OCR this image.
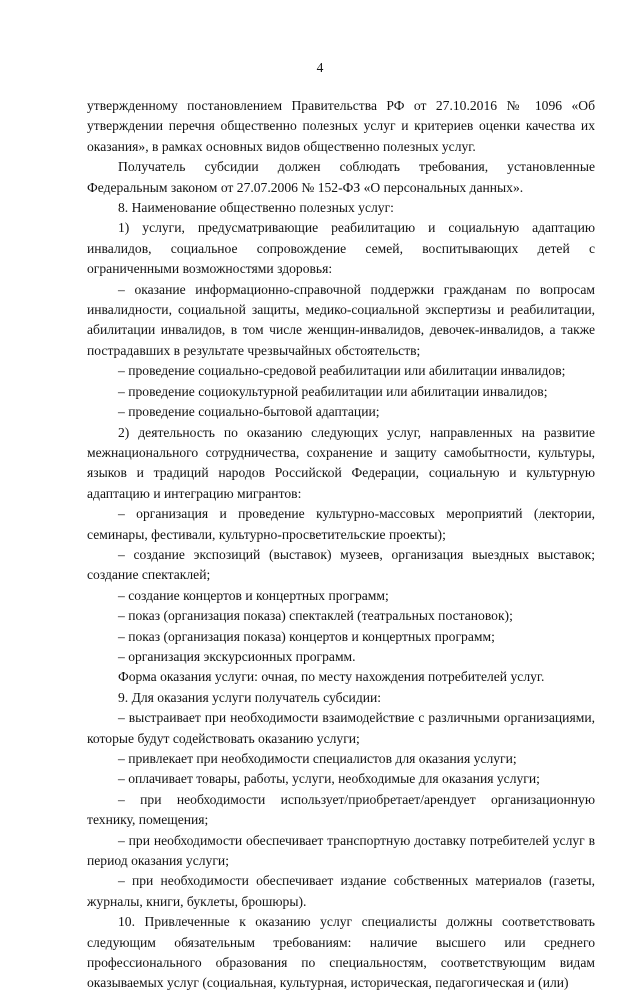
4

утвержденному постановлением Правительства РФ от 27.10.2016 № 1096 «Об утверждении перечня общественно полезных услуг и критериев оценки качества их оказания», в рамках основных видов общественно полезных услуг.

Получатель субсидии должен соблюдать требования, установленные Федеральным законом от 27.07.2006 № 152-ФЗ «О персональных данных».

8. Наименование общественно полезных услуг:

1) услуги, предусматривающие реабилитацию и социальную адаптацию инвалидов, социальное сопровождение семей, воспитывающих детей с ограниченными возможностями здоровья:

– оказание информационно-справочной поддержки гражданам по вопросам инвалидности, социальной защиты, медико-социальной экспертизы и реабилитации, абилитации инвалидов, в том числе женщин-инвалидов, девочек-инвалидов, а также пострадавших в результате чрезвычайных обстоятельств;

– проведение социально-средовой реабилитации или абилитации инвалидов;

– проведение социокультурной реабилитации или абилитации инвалидов;

– проведение социально-бытовой адаптации;

2) деятельность по оказанию следующих услуг, направленных на развитие межнационального сотрудничества, сохранение и защиту самобытности, культуры, языков и традиций народов Российской Федерации, социальную и культурную адаптацию и интеграцию мигрантов:

– организация и проведение культурно-массовых мероприятий (лектории, семинары, фестивали, культурно-просветительские проекты);

– создание экспозиций (выставок) музеев, организация выездных выставок; создание спектаклей;

– создание концертов и концертных программ;

– показ (организация показа) спектаклей (театральных постановок);

– показ (организация показа) концертов и концертных программ;

– организация экскурсионных программ.

Форма оказания услуги: очная, по месту нахождения потребителей услуг.

9. Для оказания услуги получатель субсидии:

– выстраивает при необходимости взаимодействие с различными организациями, которые будут содействовать оказанию услуги;

– привлекает при необходимости специалистов для оказания услуги;

– оплачивает товары, работы, услуги, необходимые для оказания услуги;

– при необходимости использует/приобретает/арендует организационную технику, помещения;

– при необходимости обеспечивает транспортную доставку потребителей услуг в период оказания услуги;

– при необходимости обеспечивает издание собственных материалов (газеты, журналы, книги, буклеты, брошюры).

10. Привлеченные к оказанию услуг специалисты должны соответствовать следующим обязательным требованиям: наличие высшего или среднего профессионального образования по специальностям, соответствующим видам оказываемых услуг (социальная, культурная, историческая, педагогическая и (или)
